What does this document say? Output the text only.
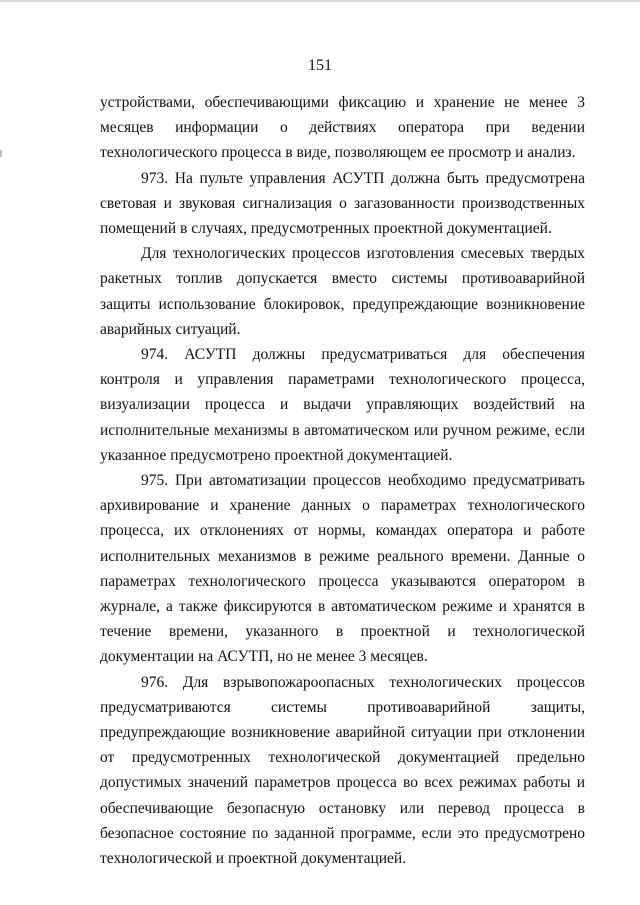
151

устройствами, обеспечивающими фиксацию и хранение не менее 3 месяцев информации о действиях оператора при ведении технологического процесса в виде, позволяющем ее просмотр и анализ.

973. На пульте управления АСУТП должна быть предусмотрена световая и звуковая сигнализация о загазованности производственных помещений в случаях, предусмотренных проектной документацией.

Для технологических процессов изготовления смесевых твердых ракетных топлив допускается вместо системы противоаварийной защиты использование блокировок, предупреждающие возникновение аварийных ситуаций.

974. АСУТП должны предусматриваться для обеспечения контроля и управления параметрами технологического процесса, визуализации процесса и выдачи управляющих воздействий на исполнительные механизмы в автоматическом или ручном режиме, если указанное предусмотрено проектной документацией.

975. При автоматизации процессов необходимо предусматривать архивирование и хранение данных о параметрах технологического процесса, их отклонениях от нормы, командах оператора и работе исполнительных механизмов в режиме реального времени. Данные о параметрах технологического процесса указываются оператором в журнале, а также фиксируются в автоматическом режиме и хранятся в течение времени, указанного в проектной и технологической документации на АСУТП, но не менее 3 месяцев.

976. Для взрывопожароопасных технологических процессов предусматриваются системы противоаварийной защиты, предупреждающие возникновение аварийной ситуации при отклонении от предусмотренных технологической документацией предельно допустимых значений параметров процесса во всех режимах работы и обеспечивающие безопасную остановку или перевод процесса в безопасное состояние по заданной программе, если это предусмотрено технологической и проектной документацией.
